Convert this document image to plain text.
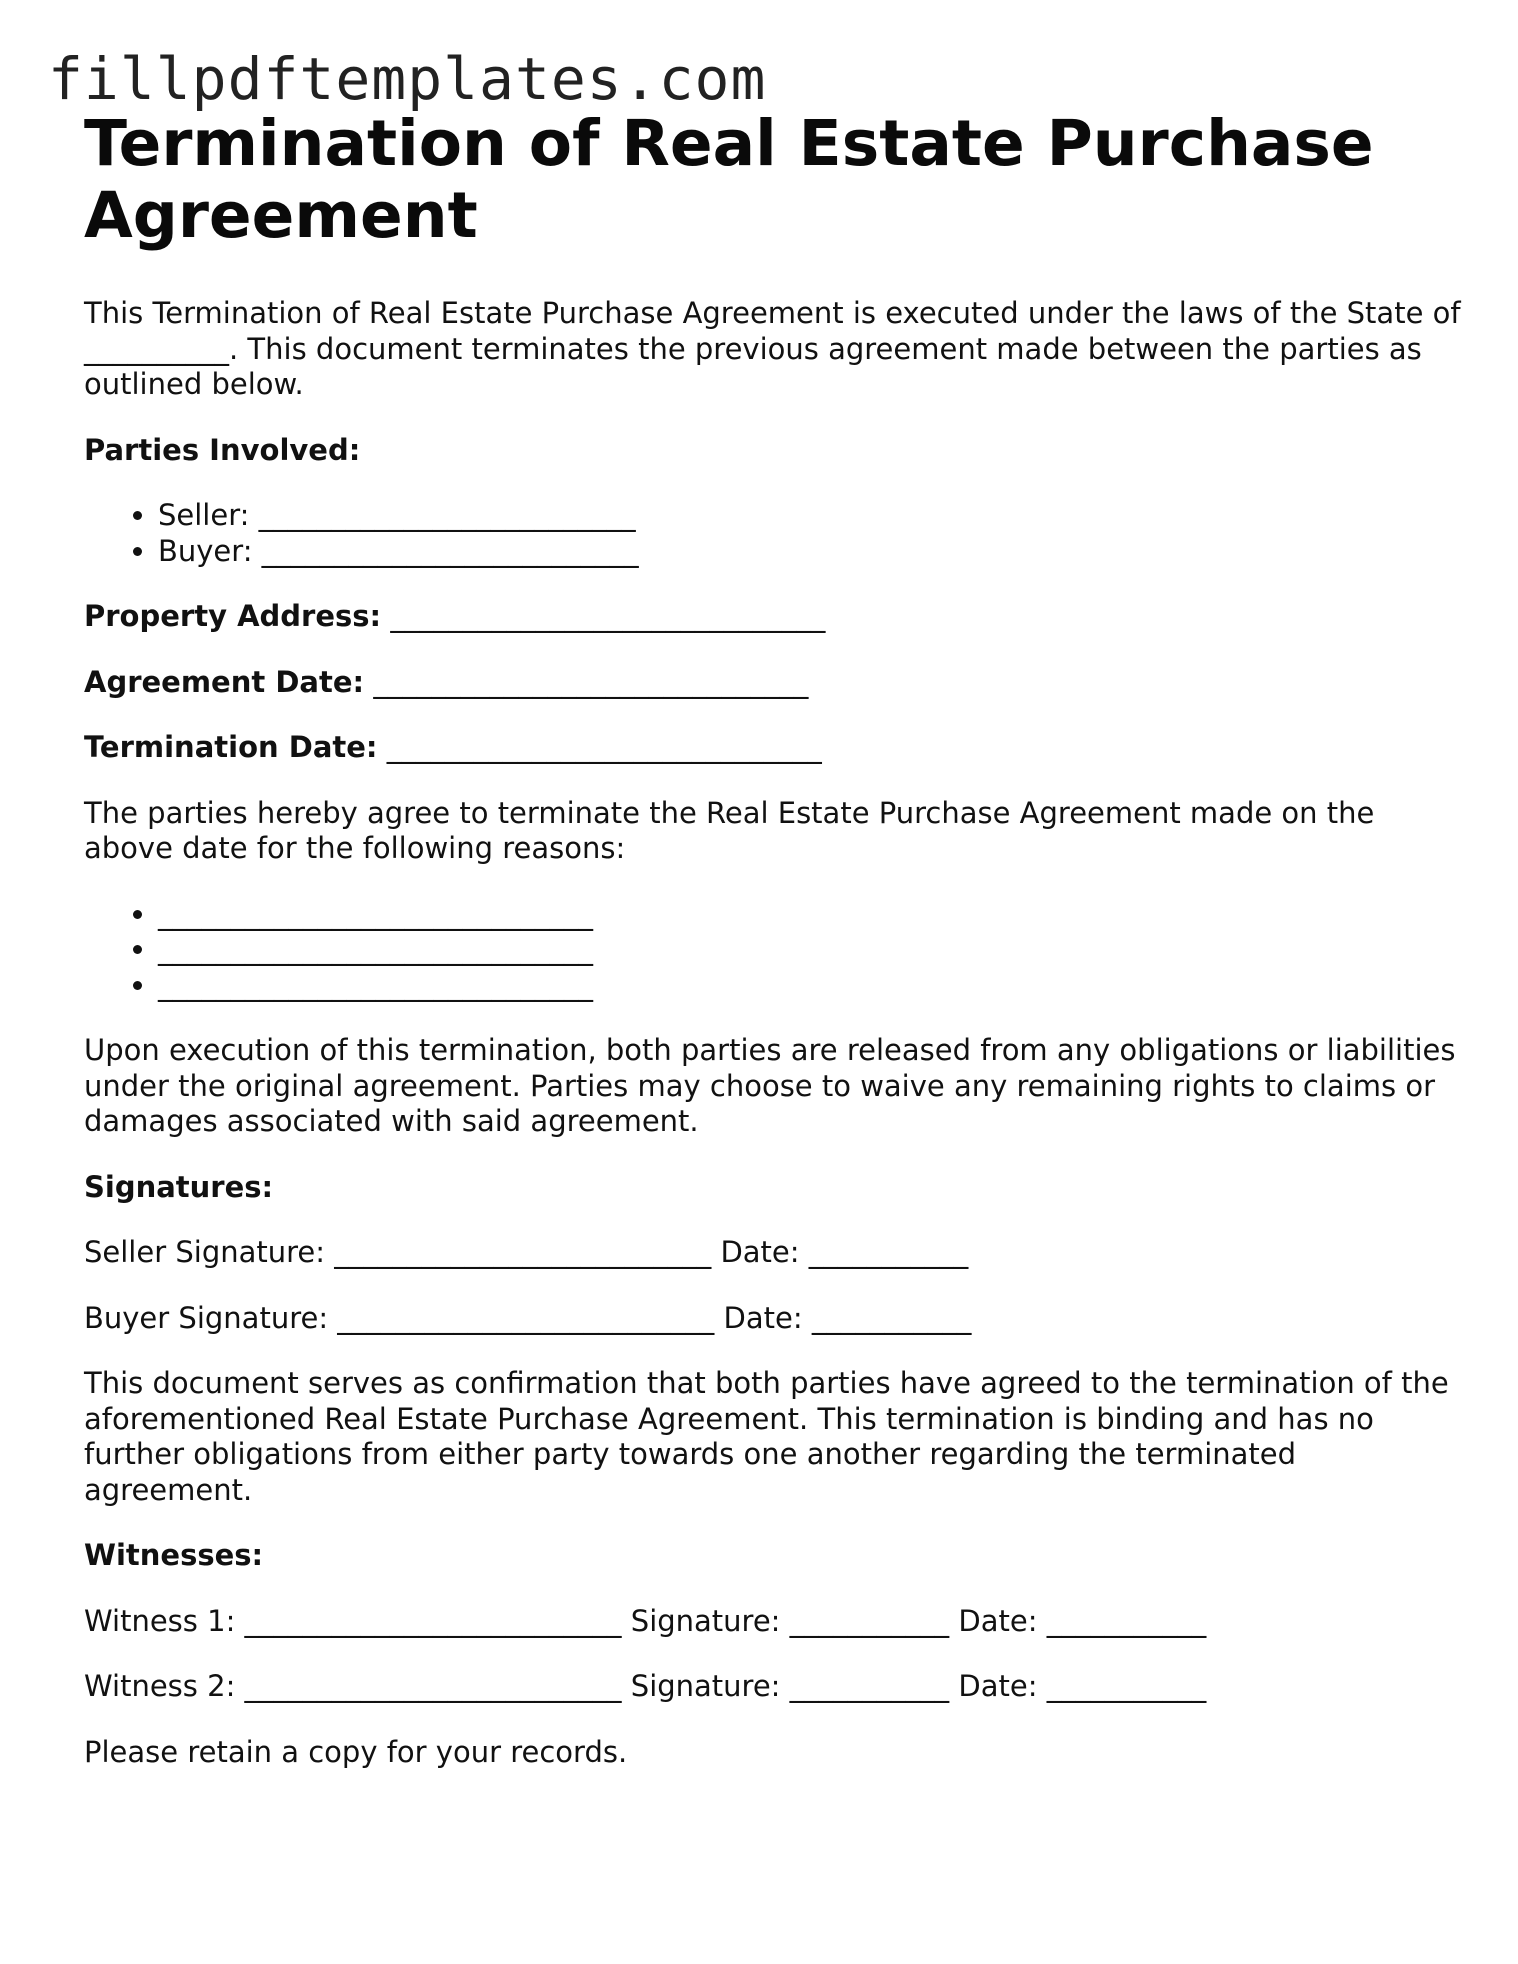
fillpdftemplates.com
Termination of Real Estate Purchase Agreement

This Termination of Real Estate Purchase Agreement is executed under the laws of the State of __________. This document terminates the previous agreement made between the parties as outlined below.

Parties Involved:

• Seller: __________________________
• Buyer: __________________________

Property Address: ______________________________

Agreement Date: ______________________________

Termination Date: ______________________________

The parties hereby agree to terminate the Real Estate Purchase Agreement made on the above date for the following reasons:

• ______________________________
• ______________________________
• ______________________________

Upon execution of this termination, both parties are released from any obligations or liabilities under the original agreement. Parties may choose to waive any remaining rights to claims or damages associated with said agreement.

Signatures:

Seller Signature: __________________________ Date: ___________

Buyer Signature: __________________________ Date: ___________

This document serves as confirmation that both parties have agreed to the termination of the aforementioned Real Estate Purchase Agreement. This termination is binding and has no further obligations from either party towards one another regarding the terminated agreement.

Witnesses:

Witness 1: __________________________ Signature: ___________ Date: ___________

Witness 2: __________________________ Signature: ___________ Date: ___________

Please retain a copy for your records.
